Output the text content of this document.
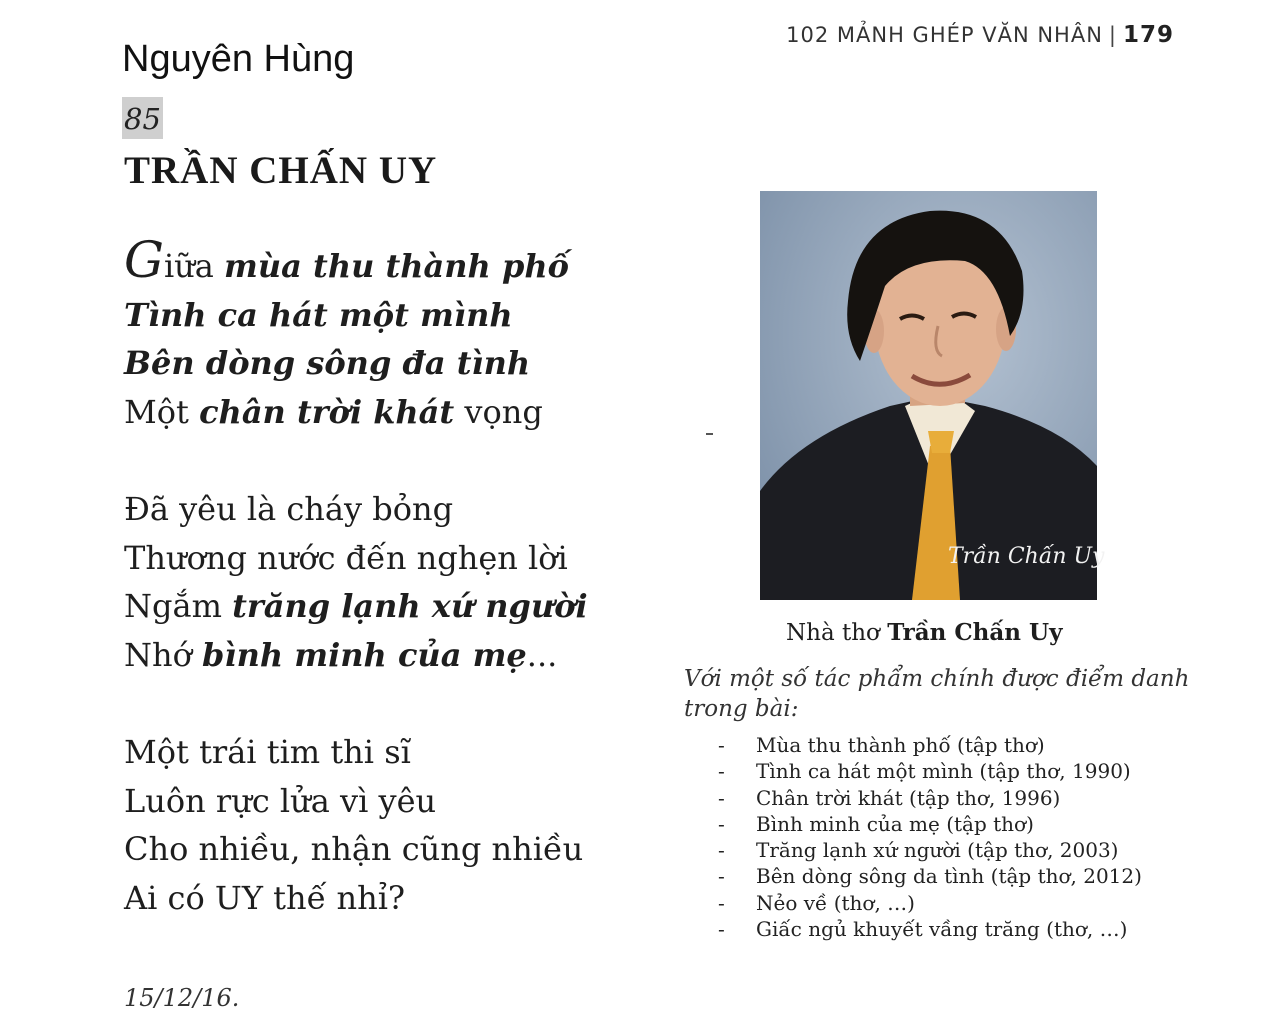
Nguyên Hùng
102 MẢNH GHÉP VĂN NHÂN | 179
85
TRẦN CHẤN UY
Giữa mùa thu thành phố
Tình ca hát một mình
Bên dòng sông đa tình
Một chân trời khát vọng
Đã yêu là cháy bỏng
Thương nước đến nghẹn lời
Ngắm trăng lạnh xứ người
Nhớ bình minh của mẹ...
Một trái tim thi sĩ
Luôn rực lửa vì yêu
Cho nhiều, nhận cũng nhiều
Ai có UY thế nhỉ?
15/12/16.
Trần Chấn Uy
Nhà thơ Trần Chấn Uy
Với một số tác phẩm chính được điểm danh trong bài:
- Mùa thu thành phố (tập thơ)
- Tình ca hát một mình (tập thơ, 1990)
- Chân trời khát (tập thơ, 1996)
- Bình minh của mẹ (tập thơ)
- Trăng lạnh xứ người (tập thơ, 2003)
- Bên dòng sông da tình (tập thơ, 2012)
- Nẻo về (thơ, …)
- Giấc ngủ khuyết vầng trăng (thơ, …)
